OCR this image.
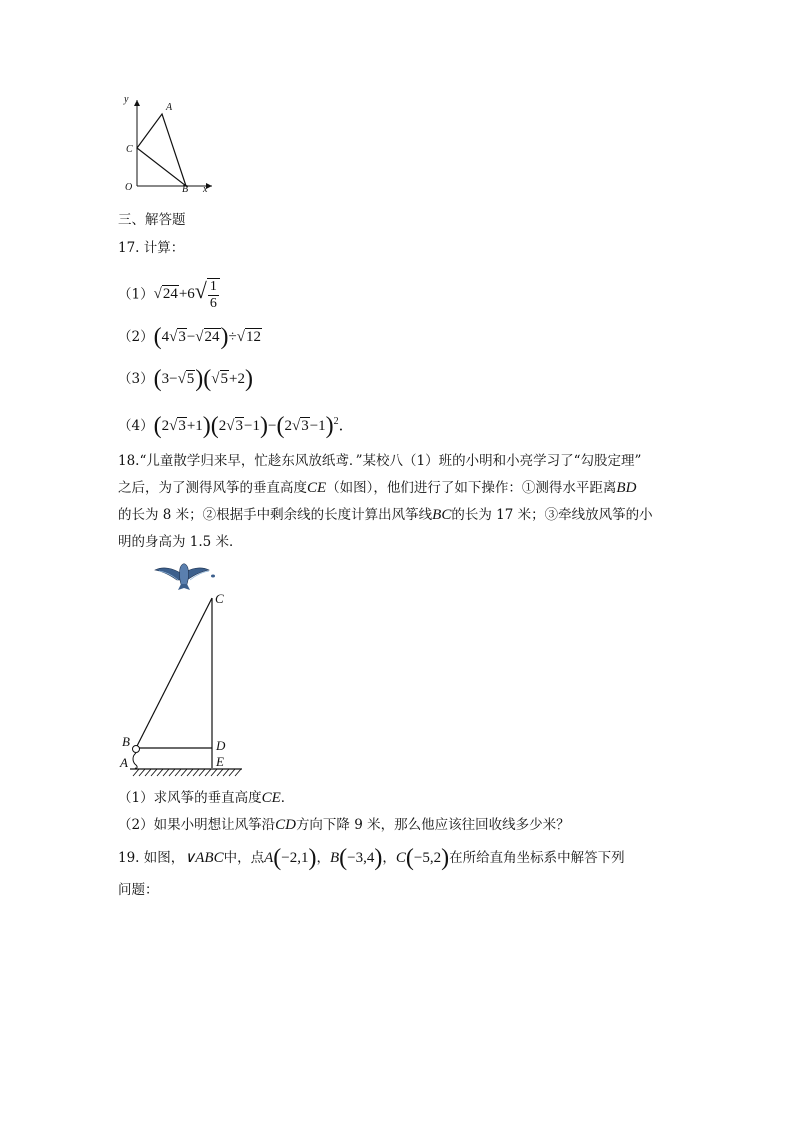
y
A
C
O	B x
三、解答题
17. 计算：
$(1)√24+6√ \frac{1}{6}$
（2）(4√3−√24)÷√12
（3）(3−√5)(√5+2)
$(4)(2√3+1)(2√3-1)-(2√3-1)^2$．
18.“儿童散学归来早，忙趁东风放纸鸢．”某校八（1）班的小明和小亮学习了“勾股定理”
之后，为了测得风筝的垂直高度CE（如图），他们进行了如下操作：①测得水平距离BD
的长为 8 米；②根据手中剩余线的长度计算出风筝线BC的长为 17 米；③牵线放风筝的小
明的身高为 1.5 米．
C
B	D
A	E
（1）求风筝的垂直高度CE．
（2）如果小明想让风筝沿CD方向下降 9 米，那么他应该往回收线多少米？
19. 如图，∨ABC中，点A(−2,1)，B(−3,4)，C(−5,2)在所给直角坐标系中解答下列
问题：
